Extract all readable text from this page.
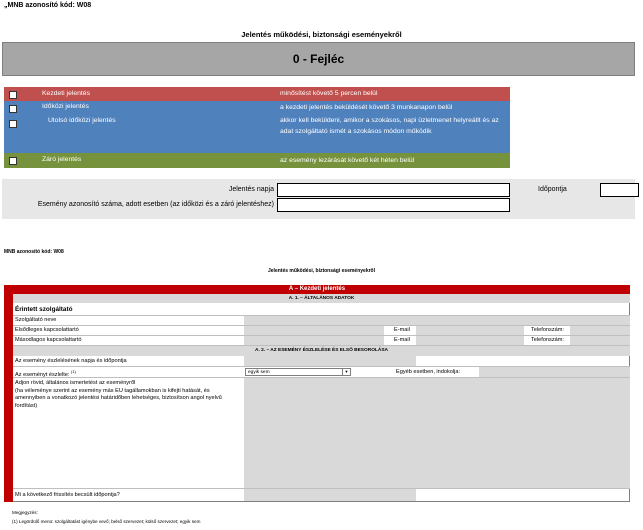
„MNB azonosító kód: W08
Jelentés működési, biztonsági eseményekről
0 - Fejléc
Kezdeti jelentés	minősítést követő 5 percen belül
Időközi jelentés	a kezdeti jelentés beküldését követő 3 munkanapon belül
Utolsó időközi jelentés	akkor kell beküldeni, amikor a szokásos, napi üzletmenet helyreállt és az adat szolgáltató ismét a szokásos módon működik
Záró jelentés	az esemény lezárását követő két héten belül
Jelentés napja	Időpontja
Esemény azonosító száma, adott esetben (az időközi és a záró jelentéshez)
MNB azonosító kód: W08
Jelentés működési, biztonsági eseményekről
A – Kezdeti jelentés
A. 1. – ÁLTALÁNOS ADATOK
Érintett szolgáltató
Szolgáltató neve
Elsődleges kapcsolattartó	E-mail	Telefonszám:
Másodlagos kapcsolattartó	E-mail	Telefonszám:
A. 2. – AZ ESEMÉNY ÉSZLELÉSE ÉS ELSŐ BESOROLÁSA
Az esemény észlelésének napja és időpontja
Az eseményt észlelte: $^{(1)}$	egyik sem	▼	Egyéb esetben, indokolja:
Adjon rövid, általános ismertetést az eseményről
(ha véleménye szerint az esemény más EU tagállamokban is kifejti hatását, és amennyiben a vonatkozó jelentési határidőben lehetséges, biztosítson angol nyelvű fordítást)
Mi a következő frissítés becsült időpontja?
Megjegyzés:
(1) Legördülő menü: szolgáltatást igénybe vevő; belső szervezet; külső szervezet; egyik sem
